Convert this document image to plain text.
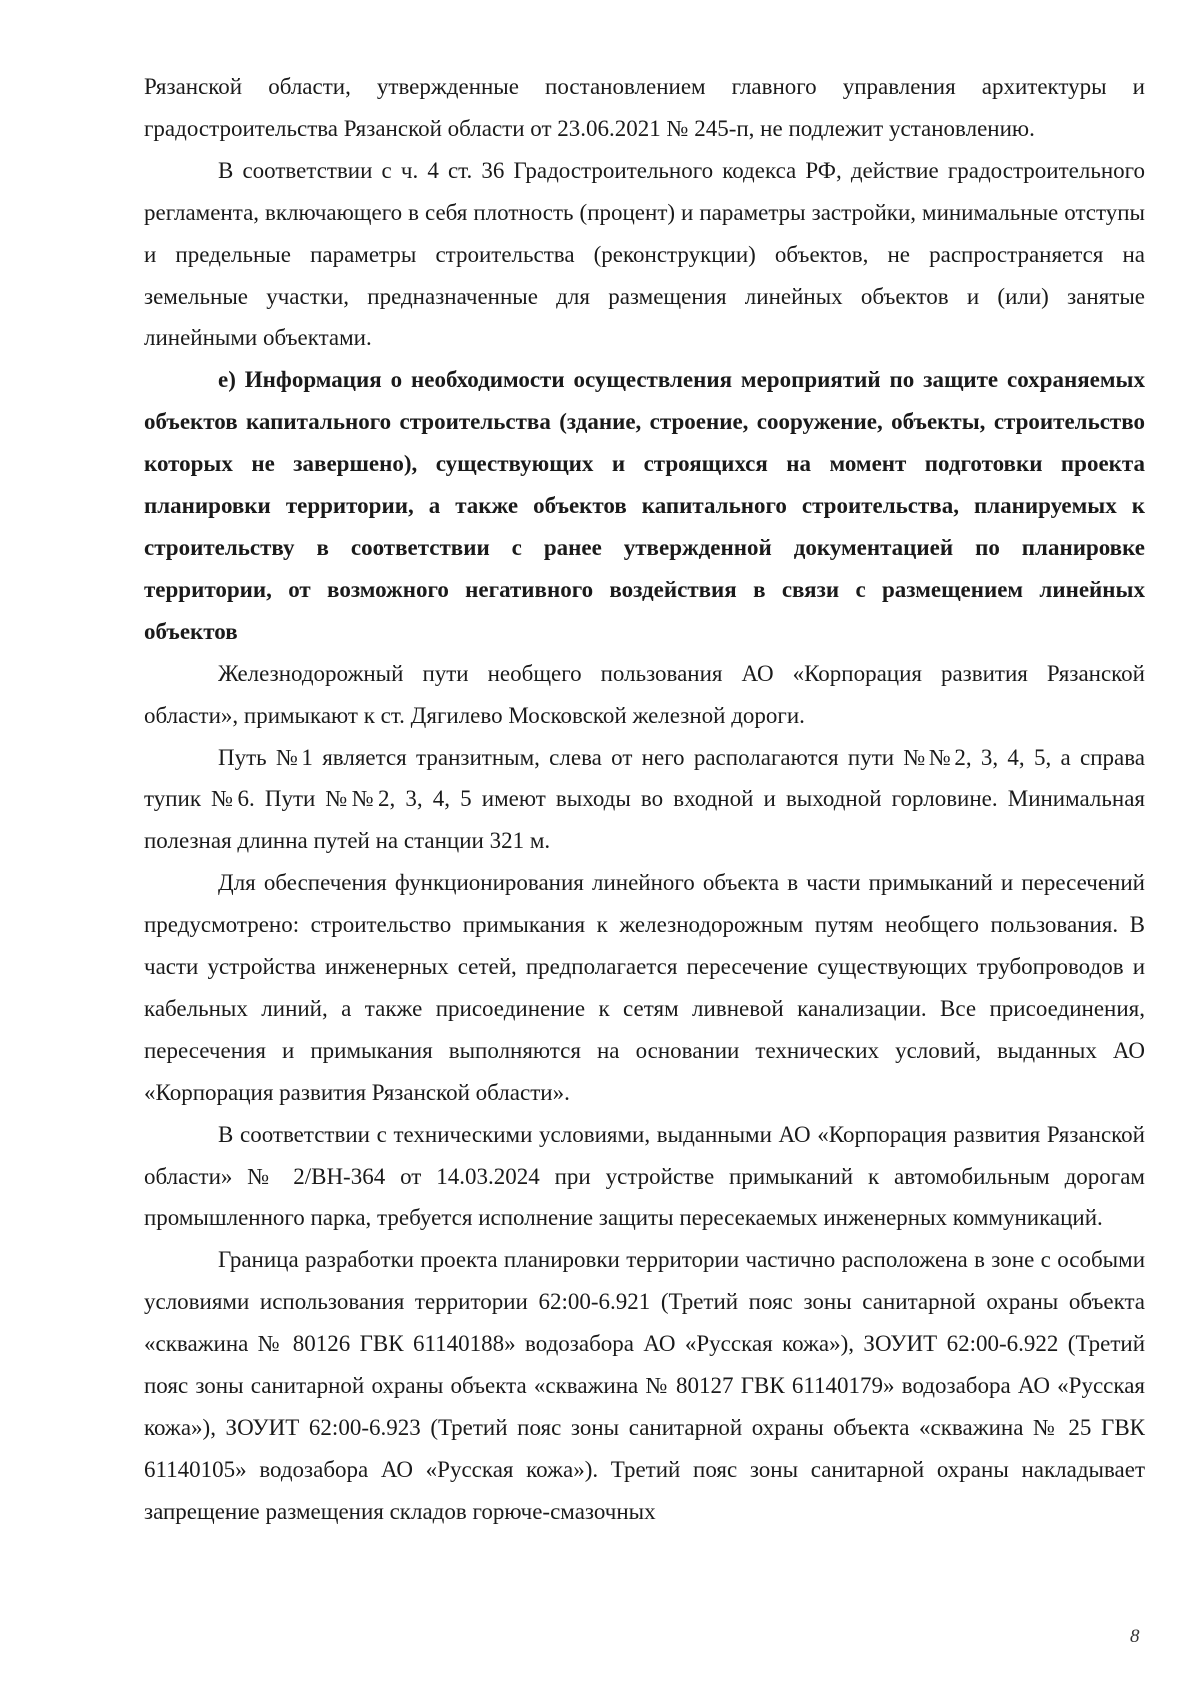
Рязанской области, утвержденные постановлением главного управления архитектуры и градостроительства Рязанской области от 23.06.2021 № 245-п, не подлежит установлению.

В соответствии с ч. 4 ст. 36 Градостроительного кодекса РФ, действие градостроительного регламента, включающего в себя плотность (процент) и параметры застройки, минимальные отступы и предельные параметры строительства (реконструкции) объектов, не распространяется на земельные участки, предназначенные для размещения линейных объектов и (или) занятые линейными объектами.

е) Информация о необходимости осуществления мероприятий по защите сохраняемых объектов капитального строительства (здание, строение, сооружение, объекты, строительство которых не завершено), существующих и строящихся на момент подготовки проекта планировки территории, а также объектов капитального строительства, планируемых к строительству в соответствии с ранее утвержденной документацией по планировке территории, от возможного негативного воздействия в связи с размещением линейных объектов

Железнодорожный пути необщего пользования АО «Корпорация развития Рязанской области», примыкают к ст. Дягилево Московской железной дороги.

Путь №1 является транзитным, слева от него располагаются пути №№2, 3, 4, 5, а справа тупик №6. Пути №№2, 3, 4, 5 имеют выходы во входной и выходной горловине. Минимальная полезная длинна путей на станции 321 м.

Для обеспечения функционирования линейного объекта в части примыканий и пересечений предусмотрено: строительство примыкания к железнодорожным путям необщего пользования. В части устройства инженерных сетей, предполагается пересечение существующих трубопроводов и кабельных линий, а также присоединение к сетям ливневой канализации. Все присоединения, пересечения и примыкания выполняются на основании технических условий, выданных АО «Корпорация развития Рязанской области».

В соответствии с техническими условиями, выданными АО «Корпорация развития Рязанской области» № 2/ВН-364 от 14.03.2024 при устройстве примыканий к автомобильным дорогам промышленного парка, требуется исполнение защиты пересекаемых инженерных коммуникаций.

Граница разработки проекта планировки территории частично расположена в зоне с особыми условиями использования территории 62:00-6.921 (Третий пояс зоны санитарной охраны объекта «скважина № 80126 ГВК 61140188» водозабора АО «Русская кожа»), ЗОУИТ 62:00-6.922 (Третий пояс зоны санитарной охраны объекта «скважина № 80127 ГВК 61140179» водозабора АО «Русская кожа»), ЗОУИТ 62:00-6.923 (Третий пояс зоны санитарной охраны объекта «скважина № 25 ГВК 61140105» водозабора АО «Русская кожа»). Третий пояс зоны санитарной охраны накладывает запрещение размещения складов горюче-смазочных

8
